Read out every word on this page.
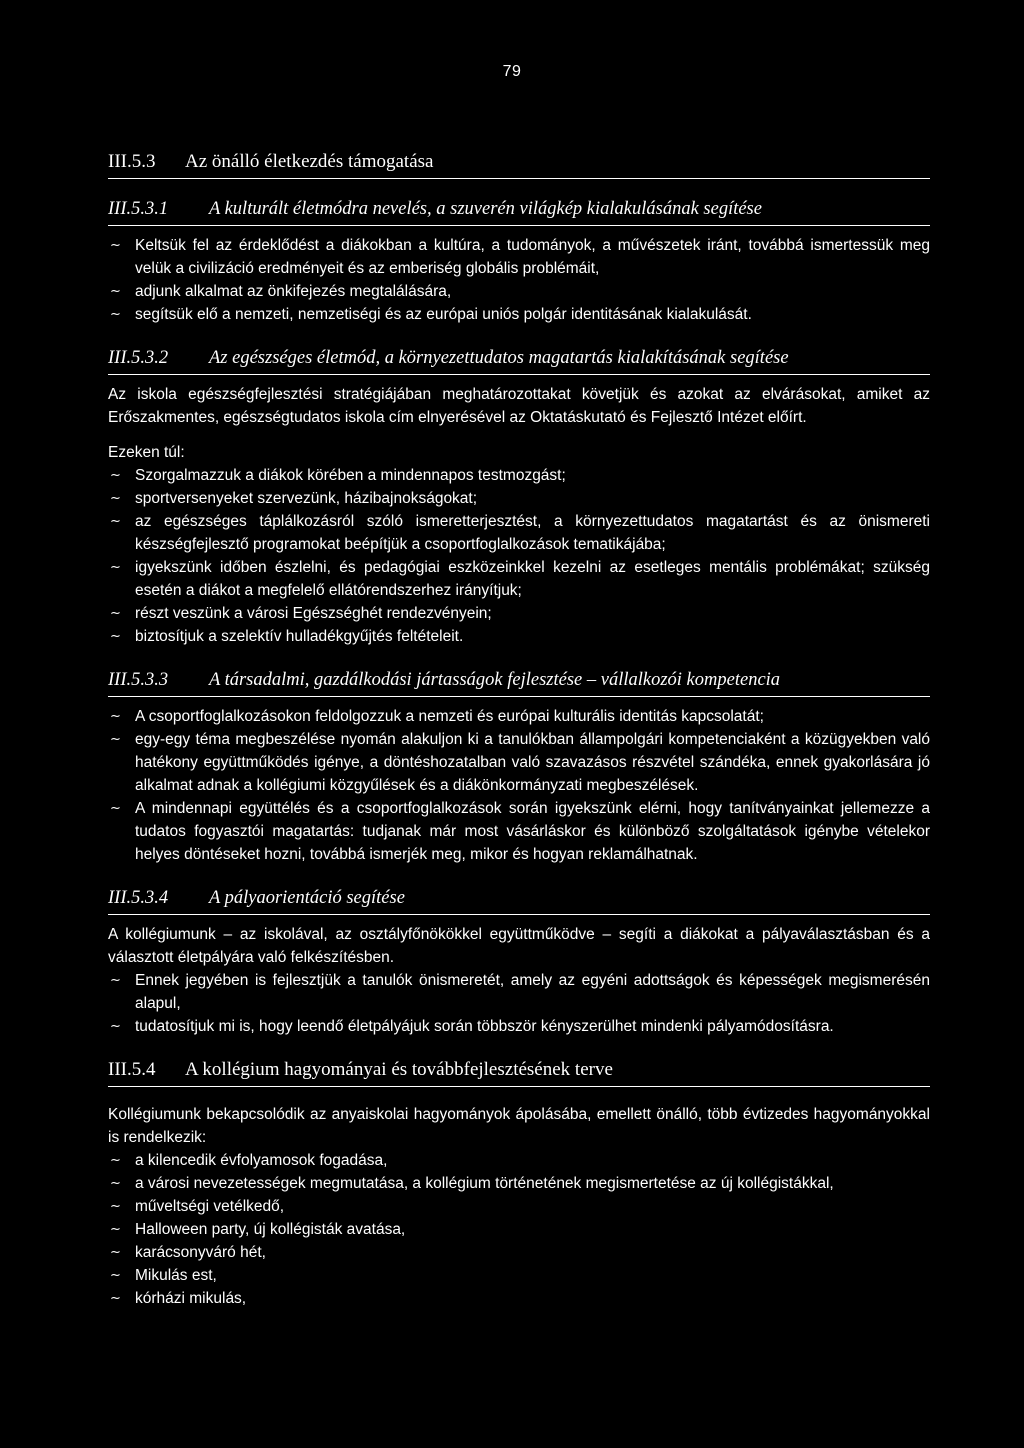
79
III.5.3 Az önálló életkezdés támogatása
III.5.3.1 A kulturált életmódra nevelés, a szuverén világkép kialakulásának segítése
~ Keltsük fel az érdeklődést a diákokban a kultúra, a tudományok, a művészetek iránt, továbbá ismertessük meg velük a civilizáció eredményeit és az emberiség globális problémáit,
~ adjunk alkalmat az önkifejezés megtalálására,
~ segítsük elő a nemzeti, nemzetiségi és az európai uniós polgár identitásának kialakulását.
III.5.3.2 Az egészséges életmód, a környezettudatos magatartás kialakításának segítése

Az iskola egészségfejlesztési stratégiájában meghatározottakat követjük és azokat az elvárásokat, amiket az Erőszakmentes, egészségtudatos iskola cím elnyerésével az Oktatáskutató és Fejlesztő Intézet előírt.

Ezeken túl:

~ Szorgalmazzuk a diákok körében a mindennapos testmozgást;
~ sportversenyeket szervezünk, házibajnokságokat;
~ az egészséges táplálkozásról szóló ismeretterjesztést, a környezettudatos magatartást és az önismereti készségfejlesztő programokat beépítjük a csoportfoglalkozások tematikájába;
~ igyekszünk időben észlelni, és pedagógiai eszközeinkkel kezelni az esetleges mentális problémákat; szükség esetén a diákot a megfelelő ellátórendszerhez irányítjuk;
~ részt veszünk a városi Egészséghét rendezvényein;
~ biztosítjuk a szelektív hulladékgyűjtés feltételeit.
III.5.3.3 A társadalmi, gazdálkodási jártasságok fejlesztése – vállalkozói kompetencia
~ A csoportfoglalkozásokon feldolgozzuk a nemzeti és európai kulturális identitás kapcsolatát;
~ egy-egy téma megbeszélése nyomán alakuljon ki a tanulókban állampolgári kompetenciaként a közügyekben való hatékony együttműködés igénye, a döntéshozatalban való szavazásos részvétel szándéka, ennek gyakorlására jó alkalmat adnak a kollégiumi közgyűlések és a diákönkormányzati megbeszélések.
~ A mindennapi együttélés és a csoportfoglalkozások során igyekszünk elérni, hogy tanítványainkat jellemezze a tudatos fogyasztói magatartás: tudjanak már most vásárláskor és különböző szolgáltatások igénybe vételekor helyes döntéseket hozni, továbbá ismerjék meg, mikor és hogyan reklamálhatnak.
III.5.3.4 A pályaorientáció segítése

A kollégiumunk – az iskolával, az osztályfőnökökkel együttműködve – segíti a diákokat a pályaválasztásban és a választott életpályára való felkészítésben.

~ Ennek jegyében is fejlesztjük a tanulók önismeretét, amely az egyéni adottságok és képességek megismerésén alapul,
~ tudatosítjuk mi is, hogy leendő életpályájuk során többször kényszerülhet mindenki pályamódosításra.
III.5.4 A kollégium hagyományai és továbbfejlesztésének terve

Kollégiumunk bekapcsolódik az anyaiskolai hagyományok ápolásába, emellett önálló, több évtizedes hagyományokkal is rendelkezik:

~ a kilencedik évfolyamosok fogadása,
~ a városi nevezetességek megmutatása, a kollégium történetének megismertetése az új kollégistákkal,
~ műveltségi vetélkedő,
~ Halloween party, új kollégisták avatása,
~ karácsonyváró hét,
~ Mikulás est,
~ kórházi mikulás,
